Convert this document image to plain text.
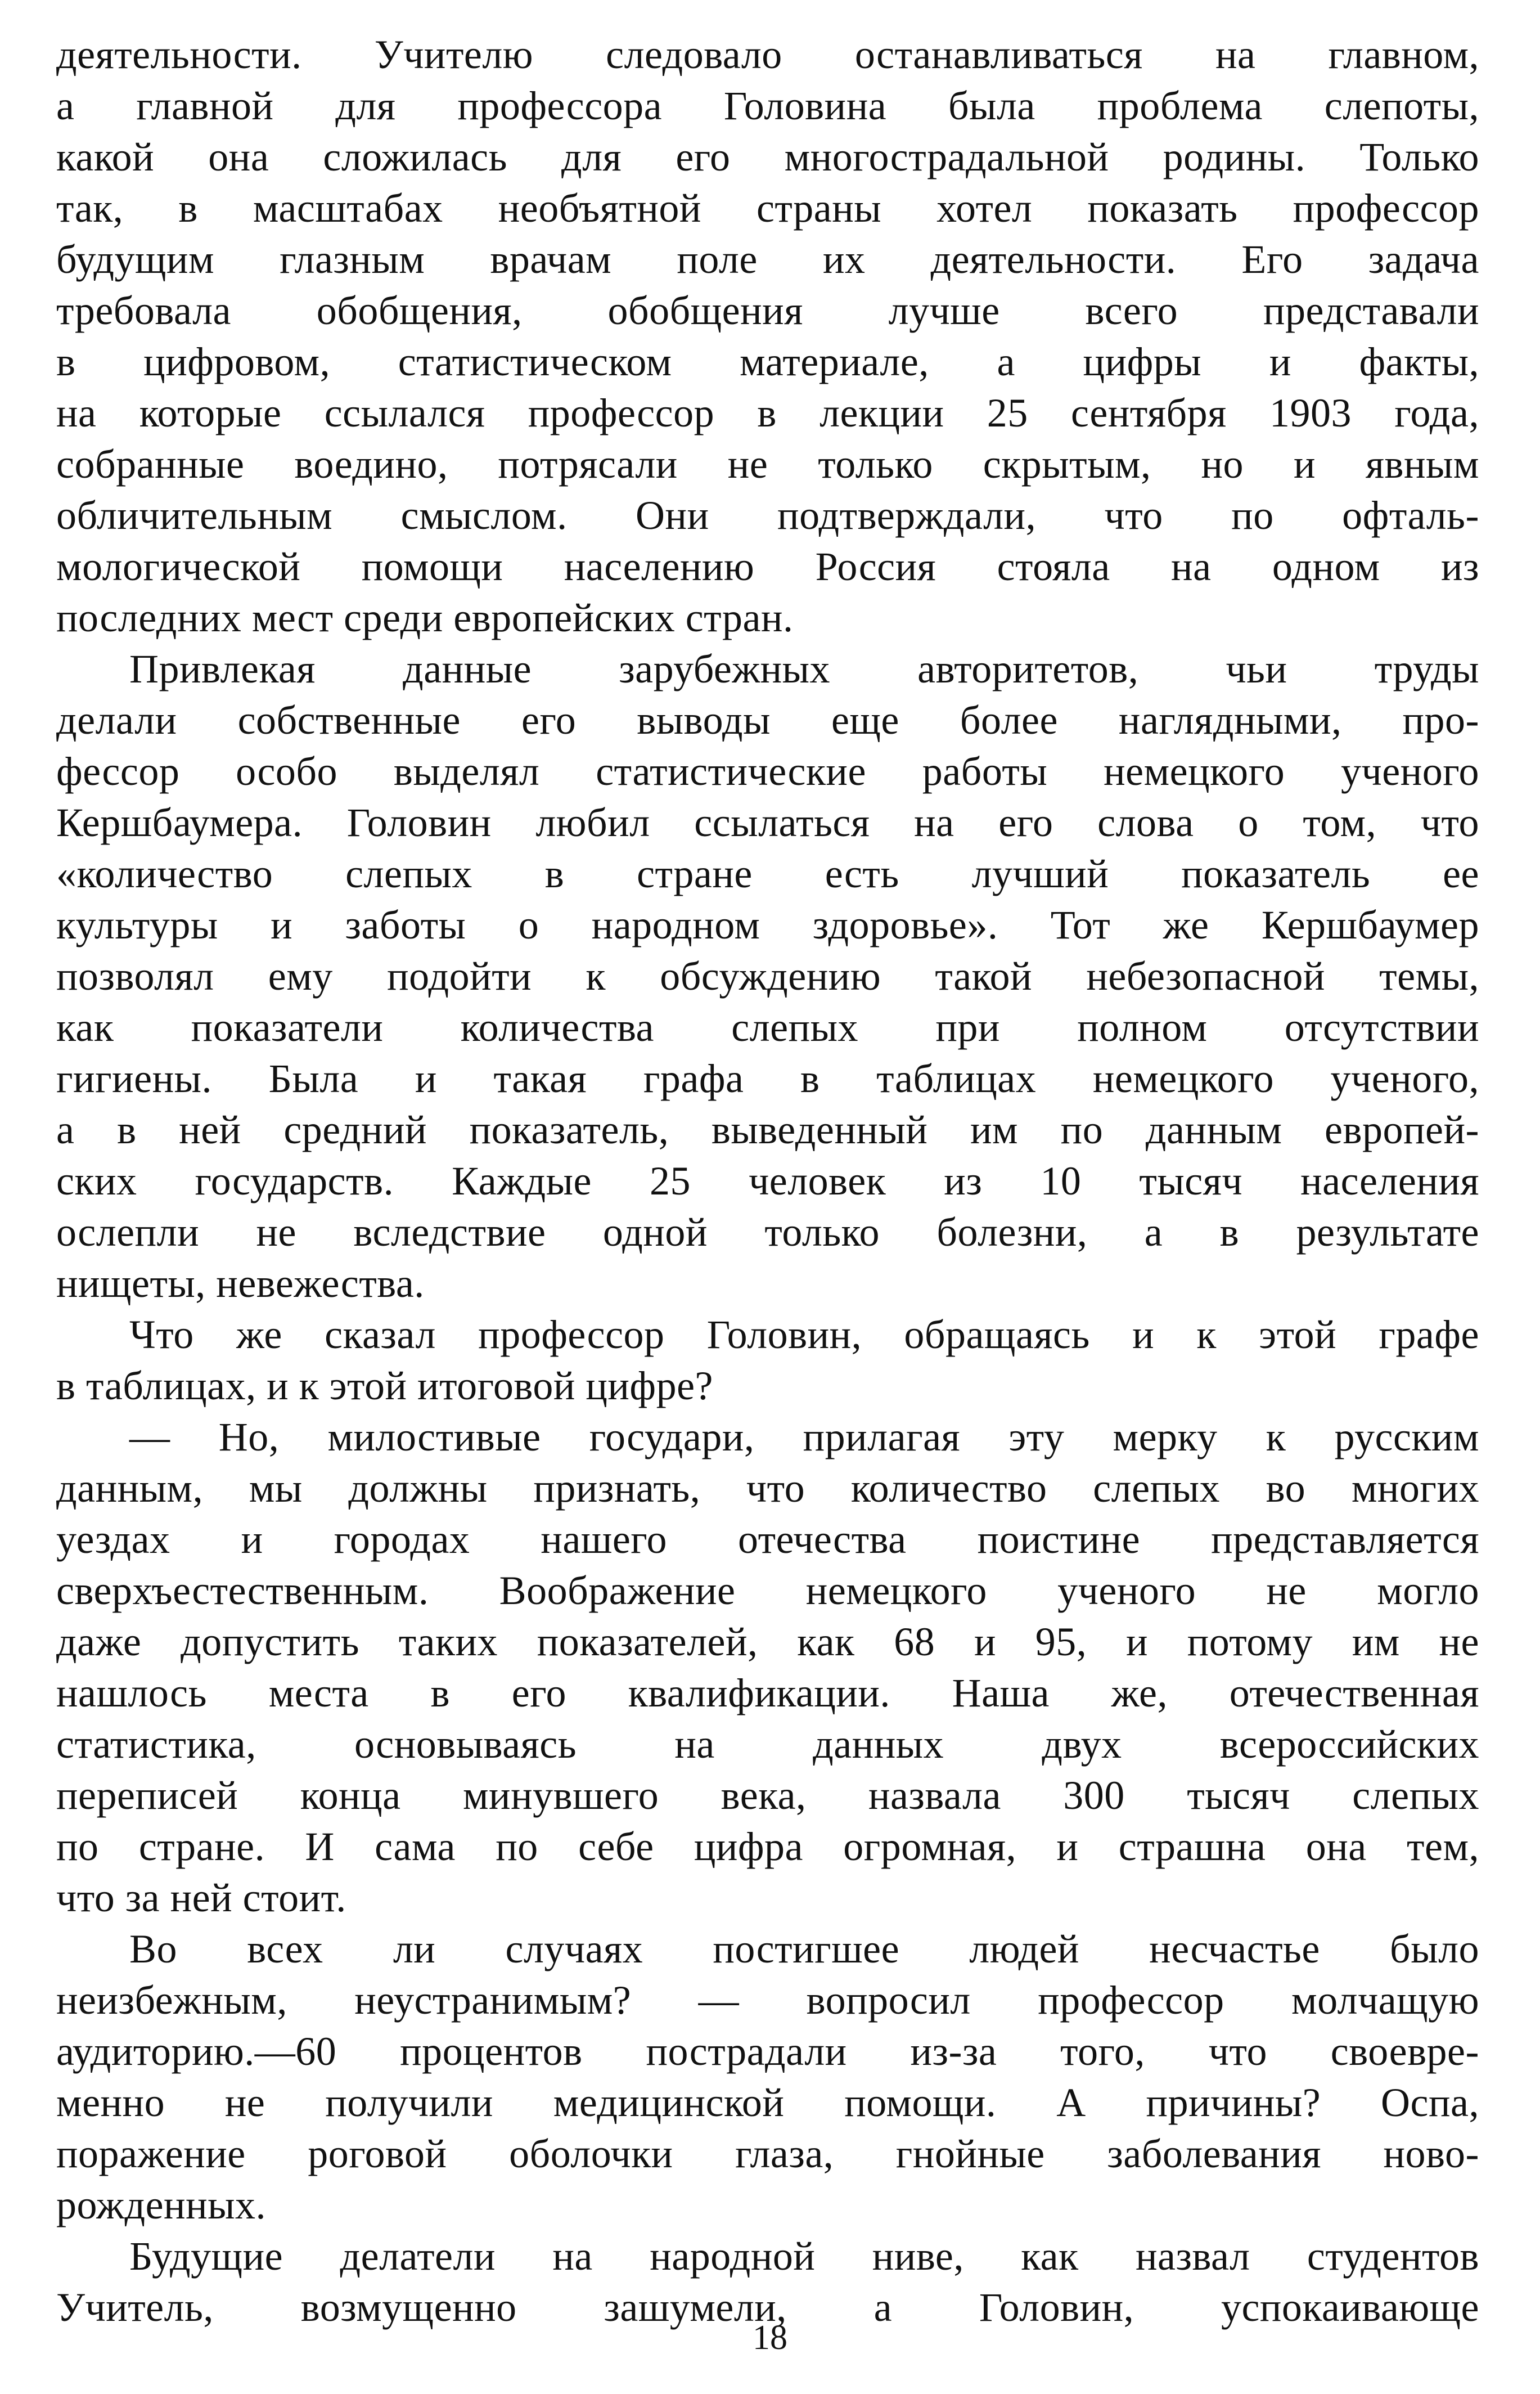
деятельности. Учителю следовало останавливаться на главном,
а главной для профессора Головина была проблема слепоты,
какой она сложилась для его многострадальной родины. Только
так, в масштабах необъятной страны хотел показать профессор
будущим глазным врачам поле их деятельности. Его задача
требовала обобщения, обобщения лучше всего представали
в цифровом, статистическом материале, а цифры и факты,
на которые ссылался профессор в лекции 25 сентября 1903 года,
собранные воедино, потрясали не только скрытым, но и явным
обличительным смыслом. Они подтверждали, что по офталь-
мологической помощи населению Россия стояла на одном из
последних мест среди европейских стран.
Привлекая данные зарубежных авторитетов, чьи труды
делали собственные его выводы еще более наглядными, про-
фессор особо выделял статистические работы немецкого ученого
Кершбаумера. Головин любил ссылаться на его слова о том, что
«количество слепых в стране есть лучший показатель ее
культуры и заботы о народном здоровье». Тот же Кершбаумер
позволял ему подойти к обсуждению такой небезопасной темы,
как показатели количества слепых при полном отсутствии
гигиены. Была и такая графа в таблицах немецкого ученого,
а в ней средний показатель, выведенный им по данным европей-
ских государств. Каждые 25 человек из 10 тысяч населения
ослепли не вследствие одной только болезни, а в результате
нищеты, невежества.
Что же сказал профессор Головин, обращаясь и к этой графе
в таблицах, и к этой итоговой цифре?
— Но, милостивые государи, прилагая эту мерку к русским
данным, мы должны признать, что количество слепых во многих
уездах и городах нашего отечества поистине представляется
сверхъестественным. Воображение немецкого ученого не могло
даже допустить таких показателей, как 68 и 95, и потому им не
нашлось места в его квалификации. Наша же, отечественная
статистика, основываясь на данных двух всероссийских
переписей конца минувшего века, назвала 300 тысяч слепых
по стране. И сама по себе цифра огромная, и страшна она тем,
что за ней стоит.
Во всех ли случаях постигшее людей несчастье было
неизбежным, неустранимым? — вопросил профессор молчащую
аудиторию.—60 процентов пострадали из-за того, что своевре-
менно не получили медицинской помощи. А причины? Оспа,
поражение роговой оболочки глаза, гнойные заболевания ново-
рожденных.
Будущие делатели на народной ниве, как назвал студентов
Учитель, возмущенно зашумели, а Головин, успокаивающе
18
